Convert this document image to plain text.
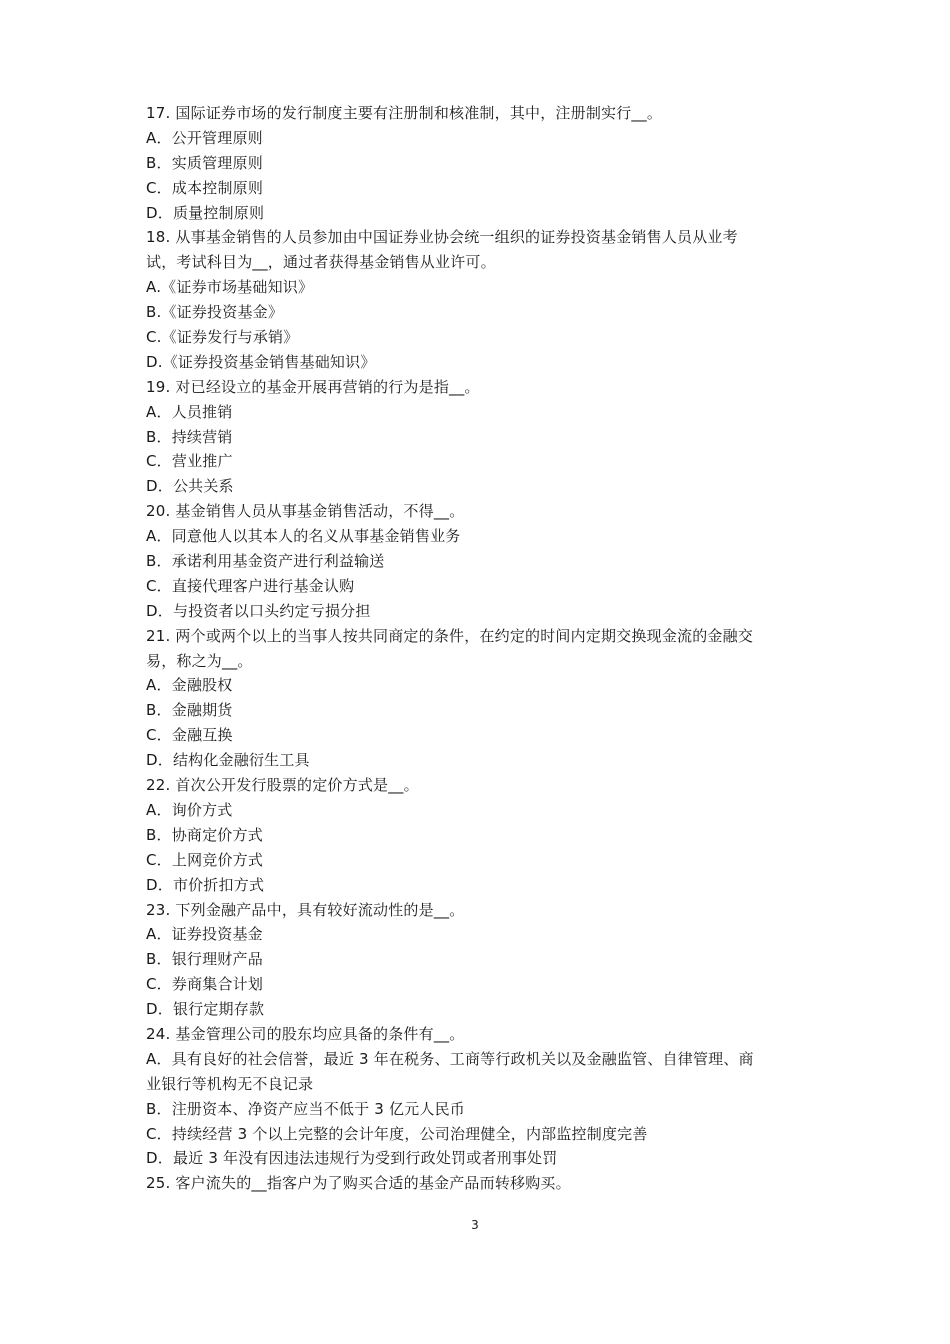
17. 国际证券市场的发行制度主要有注册制和核准制，其中，注册制实行__。
A．公开管理原则
B．实质管理原则
C．成本控制原则
D．质量控制原则
18. 从事基金销售的人员参加由中国证券业协会统一组织的证券投资基金销售人员从业考
试，考试科目为__，通过者获得基金销售从业许可。
A.《证券市场基础知识》
B.《证券投资基金》
C.《证券发行与承销》
D.《证券投资基金销售基础知识》
19. 对已经设立的基金开展再营销的行为是指__。
A．人员推销
B．持续营销
C．营业推广
D．公共关系
20. 基金销售人员从事基金销售活动，不得__。
A．同意他人以其本人的名义从事基金销售业务
B．承诺利用基金资产进行利益输送
C．直接代理客户进行基金认购
D．与投资者以口头约定亏损分担
21. 两个或两个以上的当事人按共同商定的条件，在约定的时间内定期交换现金流的金融交
易，称之为__。
A．金融股权
B．金融期货
C．金融互换
D．结构化金融衍生工具
22. 首次公开发行股票的定价方式是__。
A．询价方式
B．协商定价方式
C．上网竞价方式
D．市价折扣方式
23. 下列金融产品中，具有较好流动性的是__。
A．证券投资基金
B．银行理财产品
C．券商集合计划
D．银行定期存款
24. 基金管理公司的股东均应具备的条件有__。
A．具有良好的社会信誉，最近 3 年在税务、工商等行政机关以及金融监管、自律管理、商
业银行等机构无不良记录
B．注册资本、净资产应当不低于 3 亿元人民币
C．持续经营 3 个以上完整的会计年度，公司治理健全，内部监控制度完善
D．最近 3 年没有因违法违规行为受到行政处罚或者刑事处罚
25. 客户流失的__指客户为了购买合适的基金产品而转移购买。
3
